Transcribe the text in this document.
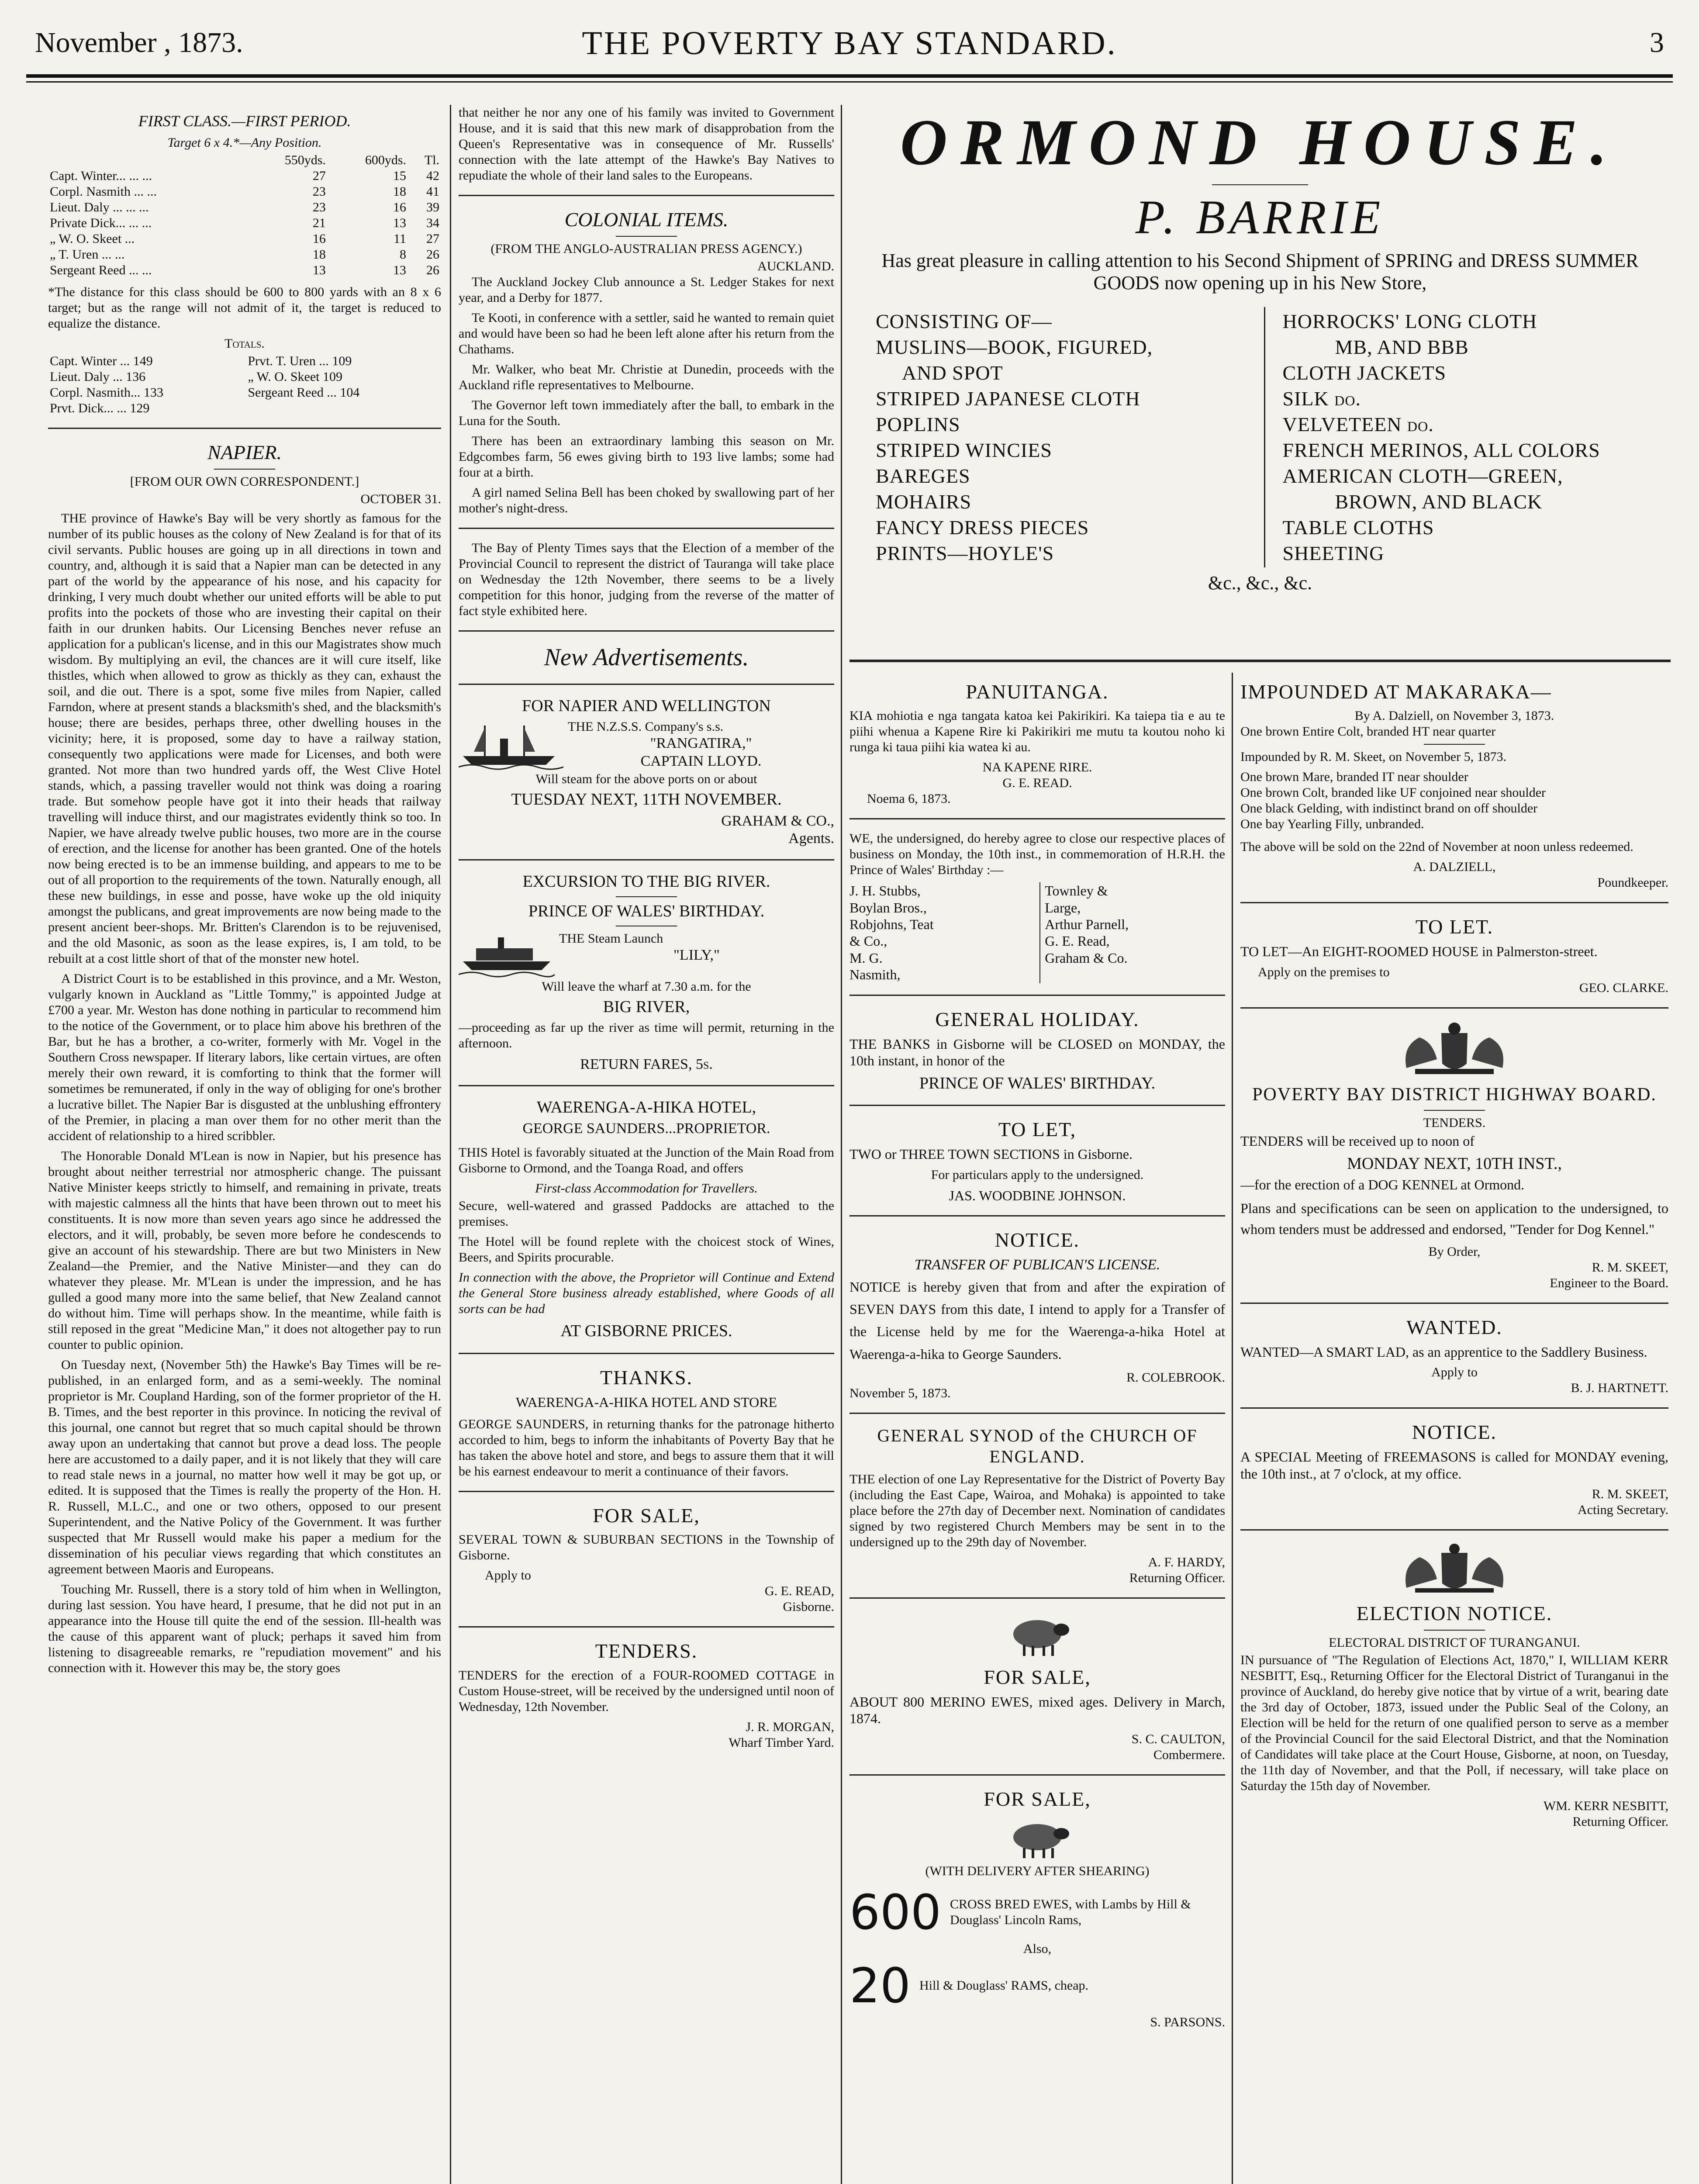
November , 1873.	THE POVERTY BAY STANDARD.	3
FIRST CLASS.—FIRST PERIOD.
Target 6 x 4.*—Any Position.
	550yds.	600yds.	Tl.
Capt. Winter... ... ...	27	15	42
Corpl. Nasmith ... ...	23	18	41
Lieut. Daly ... ... ...	23	16	39
Private Dick... ... ...	21	13	34
„ W. O. Skeet ...	16	11	27
„ T. Uren ... ...	18	8	26
Sergeant Reed ... ...	13	13	26

*The distance for this class should be 600 to 800 yards with an 8 x 6 target; but as the range will not admit of it, the target is reduced to equalize the distance.

Totals.
Capt. Winter ... 149	Prvt. T. Uren ... 109
Lieut. Daly ... 136	„ W. O. Skeet 109
Corpl. Nasmith... 133	Sergeant Reed ... 104
Prvt. Dick... ... 129	
NAPIER.
[FROM OUR OWN CORRESPONDENT.]
OCTOBER 31.

THE province of Hawke's Bay will be very shortly as famous for the number of its public houses as the colony of New Zealand is for that of its civil servants. Public houses are going up in all directions in town and country, and, although it is said that a Napier man can be detected in any part of the world by the appearance of his nose, and his capacity for drinking, I very much doubt whether our united efforts will be able to put profits into the pockets of those who are investing their capital on their faith in our drunken habits. Our Licensing Benches never refuse an application for a publican's license, and in this our Magistrates show much wisdom. By multiplying an evil, the chances are it will cure itself, like thistles, which when allowed to grow as thickly as they can, exhaust the soil, and die out. There is a spot, some five miles from Napier, called Farndon, where at present stands a blacksmith's shed, and the blacksmith's house; there are besides, perhaps three, other dwelling houses in the vicinity; here, it is proposed, some day to have a railway station, consequently two applications were made for Licenses, and both were granted. Not more than two hundred yards off, the West Clive Hotel stands, which, a passing traveller would not think was doing a roaring trade. But somehow people have got it into their heads that railway travelling will induce thirst, and our magistrates evidently think so too. In Napier, we have already twelve public houses, two more are in the course of erection, and the license for another has been granted. One of the hotels now being erected is to be an immense building, and appears to me to be out of all proportion to the requirements of the town. Naturally enough, all these new buildings, in esse and posse, have woke up the old iniquity amongst the publicans, and great improvements are now being made to the present ancient beer-shops. Mr. Britten's Clarendon is to be rejuvenised, and the old Masonic, as soon as the lease expires, is, I am told, to be rebuilt at a cost little short of that of the monster new hotel.

A District Court is to be established in this province, and a Mr. Weston, vulgarly known in Auckland as "Little Tommy," is appointed Judge at £700 a year. Mr. Weston has done nothing in particular to recommend him to the notice of the Government, or to place him above his brethren of the Bar, but he has a brother, a co-writer, formerly with Mr. Vogel in the Southern Cross newspaper. If literary labors, like certain virtues, are often merely their own reward, it is comforting to think that the former will sometimes be remunerated, if only in the way of obliging for one's brother a lucrative billet. The Napier Bar is disgusted at the unblushing effrontery of the Premier, in placing a man over them for no other merit than the accident of relationship to a hired scribbler.

The Honorable Donald M'Lean is now in Napier, but his presence has brought about neither terrestrial nor atmospheric change. The puissant Native Minister keeps strictly to himself, and remaining in private, treats with majestic calmness all the hints that have been thrown out to meet his constituents. It is now more than seven years ago since he addressed the electors, and it will, probably, be seven more before he condescends to give an account of his stewardship. There are but two Ministers in New Zealand—the Premier, and the Native Minister—and they can do whatever they please. Mr. M'Lean is under the impression, and he has gulled a good many more into the same belief, that New Zealand cannot do without him. Time will perhaps show. In the meantime, while faith is still reposed in the great "Medicine Man," it does not altogether pay to run counter to public opinion.

On Tuesday next, (November 5th) the Hawke's Bay Times will be re-published, in an enlarged form, and as a semi-weekly. The nominal proprietor is Mr. Coupland Harding, son of the former proprietor of the H. B. Times, and the best reporter in this province. In noticing the revival of this journal, one cannot but regret that so much capital should be thrown away upon an undertaking that cannot but prove a dead loss. The people here are accustomed to a daily paper, and it is not likely that they will care to read stale news in a journal, no matter how well it may be got up, or edited. It is supposed that the Times is really the property of the Hon. H. R. Russell, M.L.C., and one or two others, opposed to our present Superintendent, and the Native Policy of the Government. It was further suspected that Mr Russell would make his paper a medium for the dissemination of his peculiar views regarding that which constitutes an agreement between Maoris and Europeans.

Touching Mr. Russell, there is a story told of him when in Wellington, during last session. You have heard, I presume, that he did not put in an appearance into the House till quite the end of the session. Ill-health was the cause of this apparent want of pluck; perhaps it saved him from listening to disagreeable remarks, re "repudiation movement" and his connection with it. However this may be, the story goes

that neither he nor any one of his family was invited to Government House, and it is said that this new mark of disapprobation from the Queen's Representative was in consequence of Mr. Russells' connection with the late attempt of the Hawke's Bay Natives to repudiate the whole of their land sales to the Europeans.

COLONIAL ITEMS.
(FROM THE ANGLO-AUSTRALIAN PRESS AGENCY.)
AUCKLAND.

The Auckland Jockey Club announce a St. Ledger Stakes for next year, and a Derby for 1877.

Te Kooti, in conference with a settler, said he wanted to remain quiet and would have been so had he been left alone after his return from the Chathams.

Mr. Walker, who beat Mr. Christie at Dunedin, proceeds with the Auckland rifle representatives to Melbourne.

The Governor left town immediately after the ball, to embark in the Luna for the South.

There has been an extraordinary lambing this season on Mr. Edgcombes farm, 56 ewes giving birth to 193 live lambs; some had four at a birth.

A girl named Selina Bell has been choked by swallowing part of her mother's night-dress.

The Bay of Plenty Times says that the Election of a member of the Provincial Council to represent the district of Tauranga will take place on Wednesday the 12th November, there seems to be a lively competition for this honor, judging from the reverse of the matter of fact style exhibited here.

New Advertisements.
FOR NAPIER AND WELLINGTON
THE N.Z.S.S. Company's s.s.
"RANGATIRA,"
CAPTAIN LLOYD.
Will steam for the above ports on or about
TUESDAY NEXT, 11TH NOVEMBER.
GRAHAM & CO.,
Agents.
EXCURSION TO THE BIG RIVER.
PRINCE OF WALES' BIRTHDAY.
THE Steam Launch
"LILY,"
Will leave the wharf at 7.30 a.m. for the
BIG RIVER,

—proceeding as far up the river as time will permit, returning in the afternoon.

RETURN FARES, 5s.
WAERENGA-A-HIKA HOTEL,
GEORGE SAUNDERS...PROPRIETOR.

THIS Hotel is favorably situated at the Junction of the Main Road from Gisborne to Ormond, and the Toanga Road, and offers

First-class Accommodation for Travellers.

Secure, well-watered and grassed Paddocks are attached to the premises.

The Hotel will be found replete with the choicest stock of Wines, Beers, and Spirits procurable.

In connection with the above, the Proprietor will Continue and Extend the General Store business already established, where Goods of all sorts can be had

AT GISBORNE PRICES.
THANKS.
WAERENGA-A-HIKA HOTEL AND STORE

GEORGE SAUNDERS, in returning thanks for the patronage hitherto accorded to him, begs to inform the inhabitants of Poverty Bay that he has taken the above hotel and store, and begs to assure them that it will be his earnest endeavour to merit a continuance of their favors.

FOR SALE,

SEVERAL TOWN & SUBURBAN SECTIONS in the Township of Gisborne.

Apply to
G. E. READ,
Gisborne.
TENDERS.

TENDERS for the erection of a FOUR-ROOMED COTTAGE in Custom House-street, will be received by the undersigned until noon of Wednesday, 12th November.

J. R. MORGAN,
Wharf Timber Yard.
ORMOND HOUSE.
P. BARRIE
Has great pleasure in calling attention to his Second Shipment of SPRING and DRESS SUMMER GOODS now opening up in his New Store,
CONSISTING OF—
MUSLINS—BOOK, FIGURED,
AND SPOT
STRIPED JAPANESE CLOTH
POPLINS
STRIPED WINCIES
BAREGES
MOHAIRS
FANCY DRESS PIECES
PRINTS—HOYLE'S
HORROCKS' LONG CLOTH
MB, AND BBB
CLOTH JACKETS
SILK do.
VELVETEEN do.
FRENCH MERINOS, ALL COLORS
AMERICAN CLOTH—GREEN,
BROWN, AND BLACK
TABLE CLOTHS
SHEETING
&c., &c., &c.
PANUITANGA.

KIA mohiotia e nga tangata katoa kei Pakirikiri. Ka taiepa tia e au te piihi whenua a Kapene Rire ki Pakirikiri me mutu ta koutou noho ki runga ki taua piihi kia watea ki au.

NA KAPENE RIRE.
G. E. READ.
Noema 6, 1873.

WE, the undersigned, do hereby agree to close our respective places of business on Monday, the 10th inst., in commemoration of H.R.H. the Prince of Wales' Birthday :—

J. H. Stubbs,
Boylan Bros.,
Robjohns, Teat & Co.,
M. G. Nasmith,
Townley & Large,
Arthur Parnell,
G. E. Read,
Graham & Co.
GENERAL HOLIDAY.

THE BANKS in Gisborne will be CLOSED on MONDAY, the 10th instant, in honor of the

PRINCE OF WALES' BIRTHDAY.
TO LET,

TWO or THREE TOWN SECTIONS in Gisborne.

For particulars apply to the undersigned.
JAS. WOODBINE JOHNSON.
NOTICE.
TRANSFER OF PUBLICAN'S LICENSE.

NOTICE is hereby given that from and after the expiration of SEVEN DAYS from this date, I intend to apply for a Transfer of the License held by me for the Waerenga-a-hika Hotel at Waerenga-a-hika to George Saunders.

R. COLEBROOK.
November 5, 1873.
GENERAL SYNOD of the CHURCH OF ENGLAND.

THE election of one Lay Representative for the District of Poverty Bay (including the East Cape, Wairoa, and Mohaka) is appointed to take place before the 27th day of December next. Nomination of candidates signed by two registered Church Members may be sent in to the undersigned up to the 29th day of November.

A. F. HARDY,
Returning Officer.
FOR SALE,

ABOUT 800 MERINO EWES, mixed ages. Delivery in March, 1874.

S. C. CAULTON,
Combermere.
FOR SALE,
(WITH DELIVERY AFTER SHEARING)
600 CROSS BRED EWES, with Lambs by Hill & Douglass' Lincoln Rams,
Also,
20 Hill & Douglass' RAMS, cheap.
S. PARSONS.
IMPOUNDED AT MAKARAKA—
By A. Dalziell, on November 3, 1873.

One brown Entire Colt, branded HT near quarter

Impounded by R. M. Skeet, on November 5, 1873.

One brown Mare, branded IT near shoulder
One brown Colt, branded like UF conjoined near shoulder
One black Gelding, with indistinct brand on off shoulder
One bay Yearling Filly, unbranded.

The above will be sold on the 22nd of November at noon unless redeemed.

A. DALZIELL,
Poundkeeper.
TO LET.

TO LET—An EIGHT-ROOMED HOUSE in Palmerston-street.

Apply on the premises to
GEO. CLARKE.
POVERTY BAY DISTRICT HIGHWAY BOARD.
TENDERS.

TENDERS will be received up to noon of

MONDAY NEXT, 10TH INST.,

—for the erection of a DOG KENNEL at Ormond.

Plans and specifications can be seen on application to the undersigned, to whom tenders must be addressed and endorsed, "Tender for Dog Kennel."

By Order,
R. M. SKEET,
Engineer to the Board.
WANTED.

WANTED—A SMART LAD, as an apprentice to the Saddlery Business.

Apply to
B. J. HARTNETT.
NOTICE.

A SPECIAL Meeting of FREEMASONS is called for MONDAY evening, the 10th inst., at 7 o'clock, at my office.

R. M. SKEET,
Acting Secretary.
ELECTION NOTICE.
ELECTORAL DISTRICT OF TURANGANUI.

IN pursuance of "The Regulation of Elections Act, 1870," I, WILLIAM KERR NESBITT, Esq., Returning Officer for the Electoral District of Turanganui in the province of Auckland, do hereby give notice that by virtue of a writ, bearing date the 3rd day of October, 1873, issued under the Public Seal of the Colony, an Election will be held for the return of one qualified person to serve as a member of the Provincial Council for the said Electoral District, and that the Nomination of Candidates will take place at the Court House, Gisborne, at noon, on Tuesday, the 11th day of November, and that the Poll, if necessary, will take place on Saturday the 15th day of November.

WM. KERR NESBITT,
Returning Officer.
